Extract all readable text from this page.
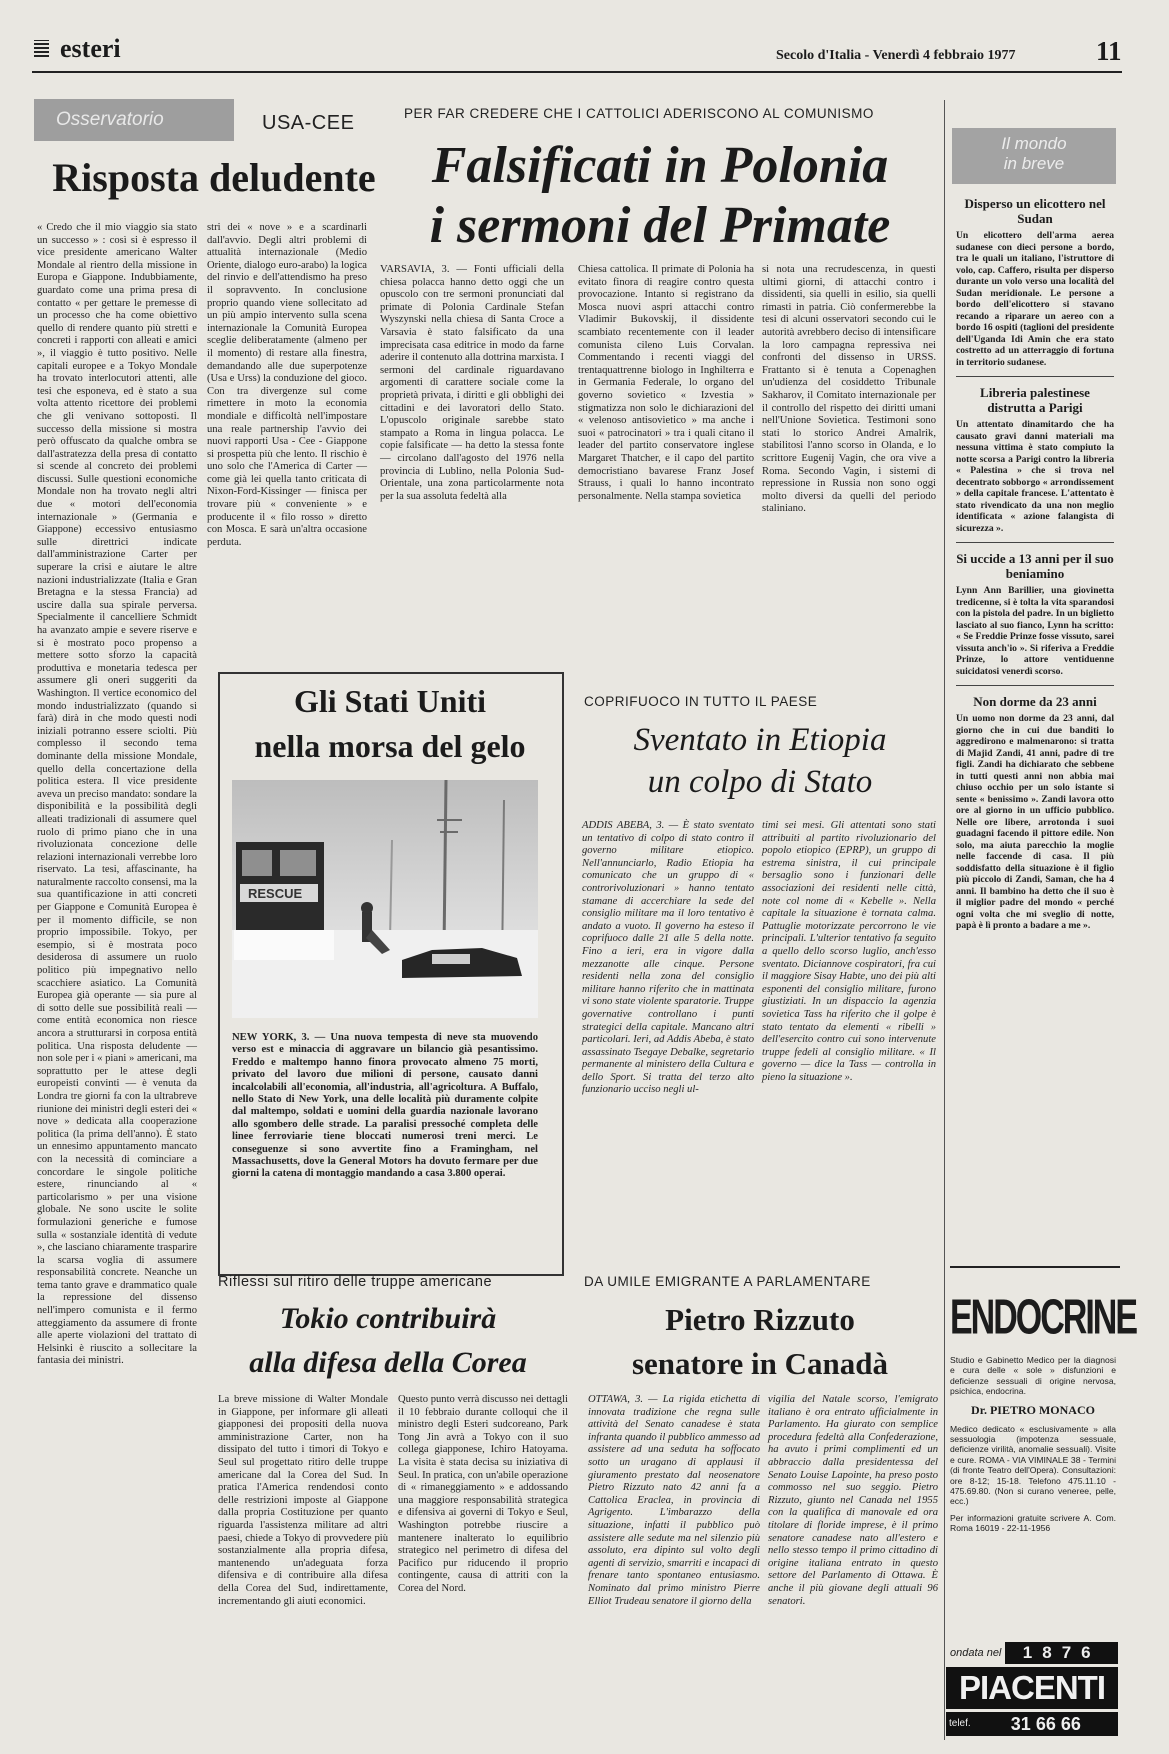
esteri	Secolo d'Italia - Venerdì 4 febbraio 1977	11
Osservatorio	USA-CEE
Risposta deludente
« Credo che il mio viaggio sia stato un successo » : così si è espresso il vice presidente americano Walter Mondale al rientro della missione in Europa e Giappone. Indubbiamente, guardato come una prima presa di contatto « per gettare le premesse di un processo che ha come obiettivo quello di rendere quanto più stretti e concreti i rapporti con alleati e amici », il viaggio è tutto positivo. Nelle capitali europee e a Tokyo Mondale ha trovato interlocutori attenti, alle tesi che esponeva, ed è stato a sua volta attento ricettore dei problemi che gli venivano sottoposti. Il successo della missione si mostra però offuscato da qualche ombra se dall'astratezza della presa di contatto si scende al concreto dei problemi discussi. Sulle questioni economiche Mondale non ha trovato negli altri due « motori dell'economia internazionale » (Germania e Giappone) eccessivo entusiasmo sulle direttrici indicate dall'amministrazione Carter per superare la crisi e aiutare le altre nazioni industrializzate (Italia e Gran Bretagna e la stessa Francia) ad uscire dalla sua spirale perversa. Specialmente il cancelliere Schmidt ha avanzato ampie e severe riserve e si è mostrato poco propenso a mettere sotto sforzo la capacità produttiva e monetaria tedesca per assumere gli oneri suggeriti da Washington. Il vertice economico del mondo industrializzato (quando si farà) dirà in che modo questi nodi iniziali potranno essere sciolti. Più complesso il secondo tema dominante della missione Mondale, quello della concertazione della politica estera. Il vice presidente aveva un preciso mandato: sondare la disponibilità e la possibilità degli alleati tradizionali di assumere quel ruolo di primo piano che in una rivoluzionata concezione delle relazioni internazionali verrebbe loro riservato. La tesi, affascinante, ha naturalmente raccolto consensi, ma la sua quantificazione in atti concreti per Giappone e Comunità Europea è per il momento difficile, se non proprio impossibile. Tokyo, per esempio, si è mostrata poco desiderosa di assumere un ruolo politico più impegnativo nello scacchiere asiatico. La Comunità Europea già operante — sia pure al di sotto delle sue possibilità reali — come entità economica non riesce ancora a strutturarsi in corposa entità politica. Una risposta deludente — non sole per i « piani » americani, ma soprattutto per le attese degli europeisti convinti — è venuta da Londra tre giorni fa con la ultrabreve riunione dei ministri degli esteri dei « nove » dedicata alla cooperazione politica (la prima dell'anno). È stato un ennesimo appuntamento mancato con la necessità di cominciare a concordare le singole politiche estere, rinunciando al « particolarismo » per una visione globale. Ne sono uscite le solite formulazioni generiche e fumose sulla « sostanziale identità di vedute », che lasciano chiaramente trasparire la scarsa voglia di assumere responsabilità concrete. Neanche un tema tanto grave e drammatico quale la repressione del dissenso nell'impero comunista e il fermo atteggiamento da assumere di fronte alle aperte violazioni del trattato di Helsinki è riuscito a sollecitare la fantasia dei ministri.
stri dei « nove » e a scardinarli dall'avvio. Degli altri problemi di attualità internazionale (Medio Oriente, dialogo euro-arabo) la logica del rinvio e dell'attendismo ha preso il sopravvento. In conclusione proprio quando viene sollecitato ad un più ampio intervento sulla scena internazionale la Comunità Europea sceglie deliberatamente (almeno per il momento) di restare alla finestra, demandando alle due superpotenze (Usa e Urss) la conduzione del gioco. Con tra divergenze sul come rimettere in moto la economia mondiale e difficoltà nell'impostare una reale partnership l'avvio dei nuovi rapporti Usa - Cee - Giappone si prospetta più che lento. Il rischio è uno solo che l'America di Carter — come già lei quella tanto criticata di Nixon-Ford-Kissinger — finisca per trovare più « conveniente » e producente il « filo rosso » diretto con Mosca. E sarà un'altra occasione perduta.
PER FAR CREDERE CHE I CATTOLICI ADERISCONO AL COMUNISMO
Falsificati in Polonia
i sermoni del Primate
VARSAVIA, 3. — Fonti ufficiali della chiesa polacca hanno detto oggi che un opuscolo con tre sermoni pronunciati dal primate di Polonia Cardinale Stefan Wyszynski nella chiesa di Santa Croce a Varsavia è stato falsificato da una imprecisata casa editrice in modo da farne aderire il contenuto alla dottrina marxista. I sermoni del cardinale riguardavano argomenti di carattere sociale come la proprietà privata, i diritti e gli obblighi dei cittadini e dei lavoratori dello Stato. L'opuscolo originale sarebbe stato stampato a Roma in lingua polacca. Le copie falsificate — ha detto la stessa fonte — circolano dall'agosto del 1976 nella provincia di Lublino, nella Polonia Sud-Orientale, una zona particolarmente nota per la sua assoluta fedeltà alla
Chiesa cattolica. Il primate di Polonia ha evitato finora di reagire contro questa provocazione. Intanto si registrano da Mosca nuovi aspri attacchi contro Vladimir Bukovskij, il dissidente scambiato recentemente con il leader comunista cileno Luis Corvalan. Commentando i recenti viaggi del trentaquattrenne biologo in Inghilterra e in Germania Federale, lo organo del governo sovietico « Izvestia » stigmatizza non solo le dichiarazioni del « velenoso antisovietico » ma anche i suoi « patrocinatori » tra i quali citano il leader del partito conservatore inglese Margaret Thatcher, e il capo del partito democristiano bavarese Franz Josef Strauss, i quali lo hanno incontrato personalmente. Nella stampa sovietica
si nota una recrudescenza, in questi ultimi giorni, di attacchi contro i dissidenti, sia quelli in esilio, sia quelli rimasti in patria. Ciò confermerebbe la tesi di alcuni osservatori secondo cui le autorità avrebbero deciso di intensificare la loro campagna repressiva nei confronti del dissenso in URSS. Frattanto si è tenuta a Copenaghen un'udienza del cosiddetto Tribunale Sakharov, il Comitato internazionale per il controllo del rispetto dei diritti umani nell'Unione Sovietica. Testimoni sono stati lo storico Andrei Amalrik, stabilitosi l'anno scorso in Olanda, e lo scrittore Eugenij Vagin, che ora vive a Roma. Secondo Vagin, i sistemi di repressione in Russia non sono oggi molto diversi da quelli del periodo staliniano.
Gli Stati Uniti
nella morsa del gelo
RESCUE
NEW YORK, 3. — Una nuova tempesta di neve sta muovendo verso est e minaccia di aggravare un bilancio già pesantissimo. Freddo e maltempo hanno finora provocato almeno 75 morti, privato del lavoro due milioni di persone, causato danni incalcolabili all'economia, all'industria, all'agricoltura. A Buffalo, nello Stato di New York, una delle località più duramente colpite dal maltempo, soldati e uomini della guardia nazionale lavorano allo sgombero delle strade. La paralisi pressoché completa delle linee ferroviarie tiene bloccati numerosi treni merci. Le conseguenze si sono avvertite fino a Framingham, nel Massachusetts, dove la General Motors ha dovuto fermare per due giorni la catena di montaggio mandando a casa 3.800 operai.
COPRIFUOCO IN TUTTO IL PAESE
Sventato in Etiopia
un colpo di Stato
ADDIS ABEBA, 3. — È stato sventato un tentativo di colpo di stato contro il governo militare etiopico. Nell'annunciarlo, Radio Etiopia ha comunicato che un gruppo di « controrivoluzionari » hanno tentato stamane di accerchiare la sede del consiglio militare ma il loro tentativo è andato a vuoto. Il governo ha esteso il coprifuoco dalle 21 alle 5 della notte. Fino a ieri, era in vigore dalla mezzanotte alle cinque. Persone residenti nella zona del consiglio militare hanno riferito che in mattinata vi sono state violente sparatorie. Truppe governative controllano i punti strategici della capitale. Mancano altri particolari. Ieri, ad Addis Abeba, è stato assassinato Tsegaye Debalke, segretario permanente al ministero della Cultura e dello Sport. Si tratta del terzo alto funzionario ucciso negli ul-
timi sei mesi. Gli attentati sono stati attribuiti al partito rivoluzionario del popolo etiopico (EPRP), un gruppo di estrema sinistra, il cui principale bersaglio sono i funzionari delle associazioni dei residenti nelle città, note col nome di « Kebelle ». Nella capitale la situazione è tornata calma. Pattuglie motorizzate percorrono le vie principali. L'ulterior tentativo fa seguito a quello dello scorso luglio, anch'esso sventato. Diciannove cospiratori, fra cui il maggiore Sisay Habte, uno dei più alti esponenti del consiglio militare, furono giustiziati. In un dispaccio la agenzia sovietica Tass ha riferito che il golpe è stato tentato da elementi « ribelli » dell'esercito contro cui sono intervenute truppe fedeli al consiglio militare. « Il governo — dice la Tass — controlla in pieno la situazione ».
Riflessi sul ritiro delle truppe americane
Tokio contribuirà
alla difesa della Corea
La breve missione di Walter Mondale in Giappone, per informare gli alleati giapponesi dei propositi della nuova amministrazione Carter, non ha dissipato del tutto i timori di Tokyo e Seul sul progettato ritiro delle truppe americane dal la Corea del Sud. In pratica l'America rendendosi conto delle restrizioni imposte al Giappone dalla propria Costituzione per quanto riguarda l'assistenza militare ad altri paesi, chiede a Tokyo di provvedere più sostanzialmente alla propria difesa, mantenendo un'adeguata forza difensiva e di contribuire alla difesa della Corea del Sud, indirettamente, incrementando gli aiuti economici.
Questo punto verrà discusso nei dettagli il 10 febbraio durante colloqui che il ministro degli Esteri sudcoreano, Park Tong Jin avrà a Tokyo con il suo collega giapponese, Ichiro Hatoyama. La visita è stata decisa su iniziativa di Seul. In pratica, con un'abile operazione di « rimaneggiamento » e addossando una maggiore responsabilità strategica e difensiva ai governi di Tokyo e Seul, Washington potrebbe riuscire a mantenere inalterato lo equilibrio strategico nel perimetro di difesa del Pacifico pur riducendo il proprio contingente, causa di attriti con la Corea del Nord.
DA UMILE EMIGRANTE A PARLAMENTARE
Pietro Rizzuto
senatore in Canadà
OTTAWA, 3. — La rigida etichetta di innovata tradizione che regna sulle attività del Senato canadese è stata infranta quando il pubblico ammesso ad assistere ad una seduta ha soffocato sotto un uragano di applausi il giuramento prestato dal neosenatore Pietro Rizzuto nato 42 anni fa a Cattolica Eraclea, in provincia di Agrigento. L'imbarazzo della situazione, infatti il pubblico può assistere alle sedute ma nel silenzio più assoluto, era dipinto sul volto degli agenti di servizio, smarriti e incapaci di frenare tanto spontaneo entusiasmo. Nominato dal primo ministro Pierre Elliot Trudeau senatore il giorno della
vigilia del Natale scorso, l'emigrato italiano è ora entrato ufficialmente in Parlamento. Ha giurato con semplice procedura fedeltà alla Confederazione, ha avuto i primi complimenti ed un abbraccio dalla presidentessa del Senato Louise Lapointe, ha preso posto commosso nel suo seggio. Pietro Rizzuto, giunto nel Canada nel 1955 con la qualifica di manovale ed ora titolare di floride imprese, è il primo senatore canadese nato all'estero e nello stesso tempo il primo cittadino di origine italiana entrato in questo settore del Parlamento di Ottawa. È anche il più giovane degli attuali 96 senatori.
Il mondo
in breve
Disperso un elicottero nel Sudan

Un elicottero dell'arma aerea sudanese con dieci persone a bordo, tra le quali un italiano, l'istruttore di volo, cap. Caffero, risulta per disperso durante un volo verso una località del Sudan meridionale. Le persone a bordo dell'elicottero si stavano recando a riparare un aereo con a bordo 16 ospiti (taglioni del presidente dell'Uganda Idi Amin che era stato costretto ad un atterraggio di fortuna in territorio sudanese.

Libreria palestinese distrutta a Parigi

Un attentato dinamitardo che ha causato gravi danni materiali ma nessuna vittima è stato compiuto la notte scorsa a Parigi contro la libreria « Palestina » che si trova nel decentrato sobborgo « arrondissement » della capitale francese. L'attentato è stato rivendicato da una non meglio identificata « azione falangista di sicurezza ».

Si uccide a 13 anni per il suo beniamino

Lynn Ann Barillier, una giovinetta tredicenne, si è tolta la vita sparandosi con la pistola del padre. In un biglietto lasciato al suo fianco, Lynn ha scritto: « Se Freddie Prinze fosse vissuto, sarei vissuta anch'io ». Si riferiva a Freddie Prinze, lo attore ventiduenne suicidatosi venerdì scorso.

Non dorme da 23 anni

Un uomo non dorme da 23 anni, dal giorno che in cui due banditi lo aggredirono e malmenarono: si tratta di Majid Zandi, 41 anni, padre di tre figli. Zandi ha dichiarato che sebbene in tutti questi anni non abbia mai chiuso occhio per un solo istante si sente « benissimo ». Zandi lavora otto ore al giorno in un ufficio pubblico. Nelle ore libere, arrotonda i suoi guadagni facendo il pittore edile. Non solo, ma aiuta parecchio la moglie nelle faccende di casa. Il più soddisfatto della situazione è il figlio più piccolo di Zandi, Saman, che ha 4 anni. Il bambino ha detto che il suo è il miglior padre del mondo « perché ogni volta che mi sveglio di notte, papà è lì pronto a badare a me ».

ENDOCRINE

Studio e Gabinetto Medico per la diagnosi e cura delle « sole » disfunzioni e deficienze sessuali di origine nervosa, psichica, endocrina.

Dr. PIETRO MONACO

Medico dedicato « esclusivamente » alla sessuologia (impotenza sessuale, deficienze virilità, anomalie sessuali). Visite e cure. ROMA - VIA VIMINALE 38 - Termini (di fronte Teatro dell'Opera). Consultazioni: ore 8-12; 15-18. Telefono 475.11.10 - 475.69.80. (Non si curano veneree, pelle, ecc.)

Per informazioni gratuite scrivere A. Com. Roma 16019 - 22-11-1956

ondata nel	1876
PIACENTI
telef.	31 66 66
